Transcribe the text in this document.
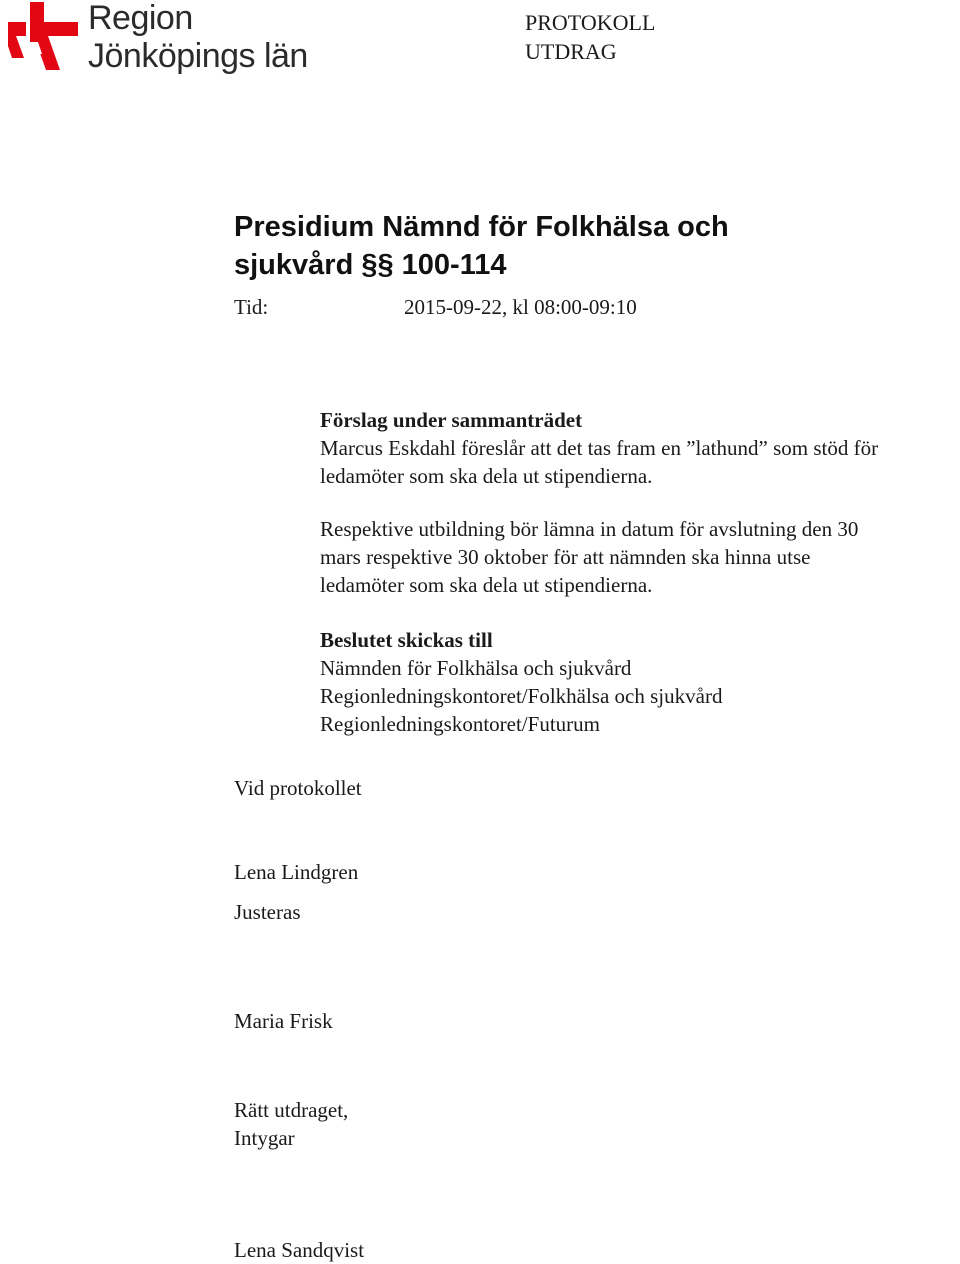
Region
Jönköpings län
PROTOKOLL
UTDRAG
Presidium Nämnd för Folkhälsa och
sjukvård §§ 100-114
Tid:	2015-09-22, kl 08:00-09:10
Förslag under sammanträdet
Marcus Eskdahl föreslår att det tas fram en ”lathund” som stöd för
ledamöter som ska dela ut stipendierna.
Respektive utbildning bör lämna in datum för avslutning den 30
mars respektive 30 oktober för att nämnden ska hinna utse
ledamöter som ska dela ut stipendierna.
Beslutet skickas till
Nämnden för Folkhälsa och sjukvård
Regionledningskontoret/Folkhälsa och sjukvård
Regionledningskontoret/Futurum
Vid protokollet
Lena Lindgren
Justeras
Maria Frisk
Rätt utdraget,
Intygar
Lena Sandqvist
